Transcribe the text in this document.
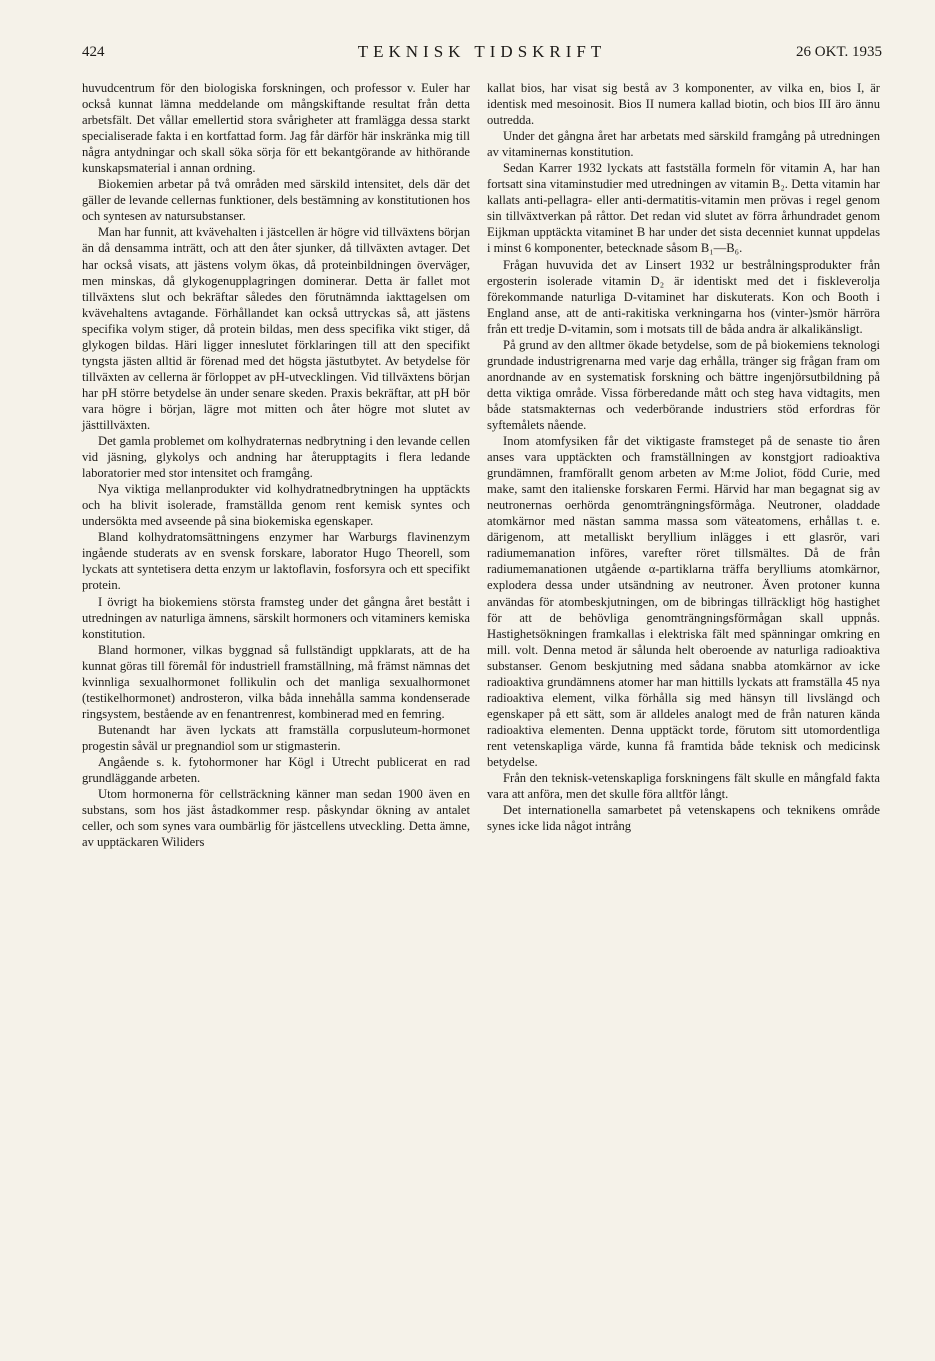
424	TEKNISK TIDSKRIFT	26 OKT. 1935

huvudcentrum för den biologiska forskningen, och professor v. Euler har också kunnat lämna meddelande om mångskiftande resultat från detta arbetsfält. Det vållar emellertid stora svårigheter att framlägga dessa starkt specialiserade fakta i en kortfattad form. Jag får därför här inskränka mig till några antydningar och skall söka sörja för ett bekantgörande av hithörande kunskapsmaterial i annan ordning.

Biokemien arbetar på två områden med särskild intensitet, dels där det gäller de levande cellernas funktioner, dels bestämning av konstitutionen hos och syntesen av natursubstanser.

Man har funnit, att kvävehalten i jästcellen är högre vid tillväxtens början än då densamma inträtt, och att den åter sjunker, då tillväxten avtager. Det har också visats, att jästens volym ökas, då proteinbildningen överväger, men minskas, då glykogenupplagringen dominerar. Detta är fallet mot tillväxtens slut och bekräftar således den förutnämnda iakttagelsen om kvävehaltens avtagande. Förhållandet kan också uttryckas så, att jästens specifika volym stiger, då protein bildas, men dess specifika vikt stiger, då glykogen bildas. Häri ligger inneslutet förklaringen till att den specifikt tyngsta jästen alltid är förenad med det högsta jästutbytet. Av betydelse för tillväxten av cellerna är förloppet av pH-utvecklingen. Vid tillväxtens början har pH större betydelse än under senare skeden. Praxis bekräftar, att pH bör vara högre i början, lägre mot mitten och åter högre mot slutet av jästtillväxten.

Det gamla problemet om kolhydraternas nedbrytning i den levande cellen vid jäsning, glykolys och andning har återupptagits i flera ledande laboratorier med stor intensitet och framgång.

Nya viktiga mellanprodukter vid kolhydratnedbrytningen ha upptäckts och ha blivit isolerade, framställda genom rent kemisk syntes och undersökta med avseende på sina biokemiska egenskaper.

Bland kolhydratomsättningens enzymer har Warburgs flavinenzym ingående studerats av en svensk forskare, laborator Hugo Theorell, som lyckats att syntetisera detta enzym ur laktoflavin, fosforsyra och ett specifikt protein.

I övrigt ha biokemiens största framsteg under det gångna året bestått i utredningen av naturliga ämnens, särskilt hormoners och vitaminers kemiska konstitution.

Bland hormoner, vilkas byggnad så fullständigt uppklarats, att de ha kunnat göras till föremål för industriell framställning, må främst nämnas det kvinnliga sexualhormonet follikulin och det manliga sexualhormonet (testikelhormonet) androsteron, vilka båda innehålla samma kondenserade ringsystem, bestående av en fenantrenrest, kombinerad med en femring.

Butenandt har även lyckats att framställa corpusluteum-hormonet progestin såväl ur pregnandiol som ur stigmasterin.

Angående s. k. fytohormoner har Kögl i Utrecht publicerat en rad grundläggande arbeten.

Utom hormonerna för cellsträckning känner man sedan 1900 även en substans, som hos jäst åstadkommer resp. påskyndar ökning av antalet celler, och som synes vara oumbärlig för jästcellens utveckling. Detta ämne, av upptäckaren Wiliders

kallat bios, har visat sig bestå av 3 komponenter, av vilka en, bios I, är identisk med mesoinosit. Bios II numera kallad biotin, och bios III äro ännu outredda.

Under det gångna året har arbetats med särskild framgång på utredningen av vitaminernas konstitution.

Sedan Karrer 1932 lyckats att fastställa formeln för vitamin A, har han fortsatt sina vitaminstudier med utredningen av vitamin B₂. Detta vitamin har kallats anti-pellagra- eller anti-dermatitis-vitamin men prövas i regel genom sin tillväxtverkan på råttor. Det redan vid slutet av förra århundradet genom Eijkman upptäckta vitaminet B har under det sista decenniet kunnat uppdelas i minst 6 komponenter, betecknade såsom B₁—B₆.

Frågan huvuvida det av Linsert 1932 ur bestrålningsprodukter från ergosterin isolerade vitamin D₂ är identiskt med det i fiskleverolja förekommande naturliga D-vitaminet har diskuterats. Kon och Booth i England anse, att de anti-rakitiska verkningarna hos (vinter-)smör härröra från ett tredje D-vitamin, som i motsats till de båda andra är alkalikänsligt.

På grund av den alltmer ökade betydelse, som de på biokemiens teknologi grundade industrigrenarna med varje dag erhålla, tränger sig frågan fram om anordnande av en systematisk forskning och bättre ingenjörsutbildning på detta viktiga område. Vissa förberedande mått och steg hava vidtagits, men både statsmakternas och vederbörande industriers stöd erfordras för syftemålets nående.

Inom atomfysiken får det viktigaste framsteget på de senaste tio åren anses vara upptäckten och framställningen av konstgjort radioaktiva grundämnen, framförallt genom arbeten av M:me Joliot, född Curie, med make, samt den italienske forskaren Fermi. Härvid har man begagnat sig av neutronernas oerhörda genomträngningsförmåga. Neutroner, oladdade atomkärnor med nästan samma massa som väteatomens, erhållas t. e. därigenom, att metalliskt beryllium inlägges i ett glasrör, vari radiumemanation införes, varefter röret tillsmältes. Då de från radiumemanationen utgående α-partiklarna träffa berylliums atomkärnor, explodera dessa under utsändning av neutroner. Även protoner kunna användas för atombeskjutningen, om de bibringas tillräckligt hög hastighet för att de behövliga genomträngningsförmågan skall uppnås. Hastighetsökningen framkallas i elektriska fält med spänningar omkring en mill. volt. Denna metod är sålunda helt oberoende av naturliga radioaktiva substanser. Genom beskjutning med sådana snabba atomkärnor av icke radioaktiva grundämnens atomer har man hittills lyckats att framställa 45 nya radioaktiva element, vilka förhålla sig med hänsyn till livslängd och egenskaper på ett sätt, som är alldeles analogt med de från naturen kända radioaktiva elementen. Denna upptäckt torde, förutom sitt utomordentliga rent vetenskapliga värde, kunna få framtida både teknisk och medicinsk betydelse.

Från den teknisk-vetenskapliga forskningens fält skulle en mångfald fakta vara att anföra, men det skulle föra alltför långt.

Det internationella samarbetet på vetenskapens och teknikens område synes icke lida något intrång
